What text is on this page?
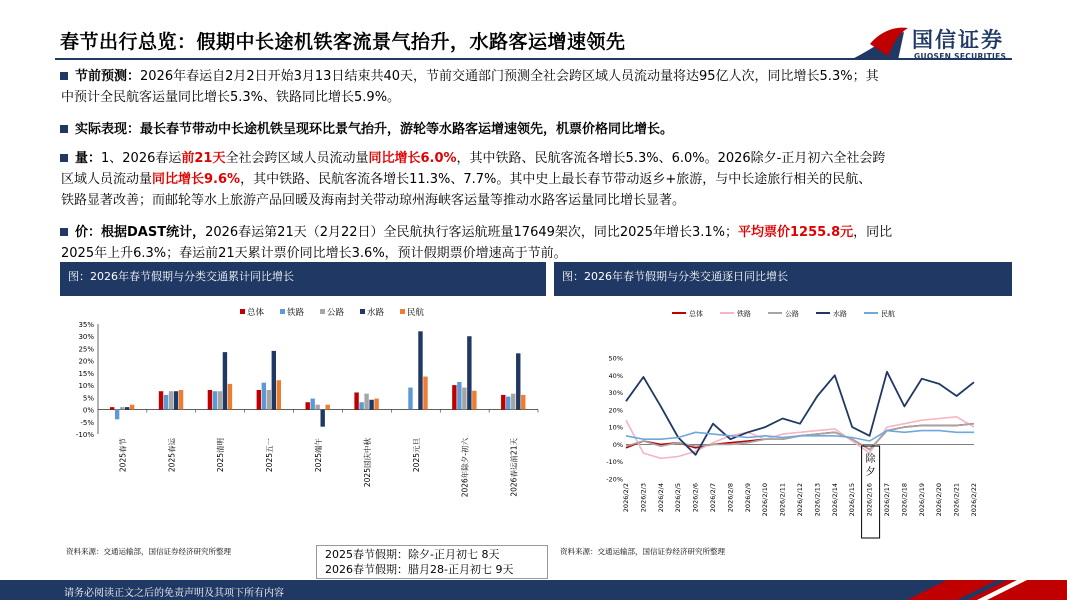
春节出行总览：假期中长途机铁客流景气抬升，水路客运增速领先	国信证券
GUOSEN SECURITIES
节前预测：2026年春运自2月2日开始3月13日结束共40天，节前交通部门预测全社会跨区域人员流动量将达95亿人次，同比增长5.3%；其
中预计全民航客运量同比增长5.3%、铁路同比增长5.9%。
实际表现：最长春节带动中长途机铁呈现环比景气抬升，游轮等水路客运增速领先，机票价格同比增长。
量：1、2026春运前21天全社会跨区域人员流动量同比增长6.0%，其中铁路、民航客流各增长5.3%、6.0%。2026除夕-正月初六全社会跨
区域人员流动量同比增长9.6%，其中铁路、民航客流各增长11.3%、7.7%。其中史上最长春节带动返乡+旅游，与中长途旅行相关的民航、
铁路显著改善；而邮轮等水上旅游产品回暖及海南封关带动琼州海峡客运量等推动水路客运量同比增长显著。
价：根据DAST统计，2026春运第21天（2月22日）全民航执行客运航班量17649架次，同比2025年增长3.1%；平均票价1255.8元，同比
2025年上升6.3%；春运前21天累计票价同比增长3.6%，预计假期票价增速高于节前。
图：2026年春节假期与分类交通累计同比增长	图：2026年春节假期与分类交通逐日同比增长
总体	铁路	公路	水路	民航
35%
30%
25%
20%
15%
10%
5%
0%
-5%
-10%
2025春节	2025春运	2025清明	2025五一	2025端午	2025国庆中秋	2025元旦	2026年除夕-初六	2026春运前21天
总体	铁路	公路	水路	民航
50%
40%
30%
20%
10%
0%
-10%
-20%
2026/2/2 2026/2/3 2026/2/4 2026/2/5 2026/2/6 2026/2/7 2026/2/8 2026/2/9 2026/2/10 2026/2/11 2026/2/12 2026/2/13 2026/2/14 2026/2/15 2026/2/16 2026/2/17 2026/2/18 2026/2/19 2026/2/20 2026/2/21 2026/2/22
除
夕
资料来源：交通运输部，国信证券经济研究所整理	资料来源：交通运输部，国信证券经济研究所整理
2025春节假期：除夕-正月初七 8天
2026春节假期：腊月28-正月初七 9天
请务必阅读正文之后的免责声明及其项下所有内容
